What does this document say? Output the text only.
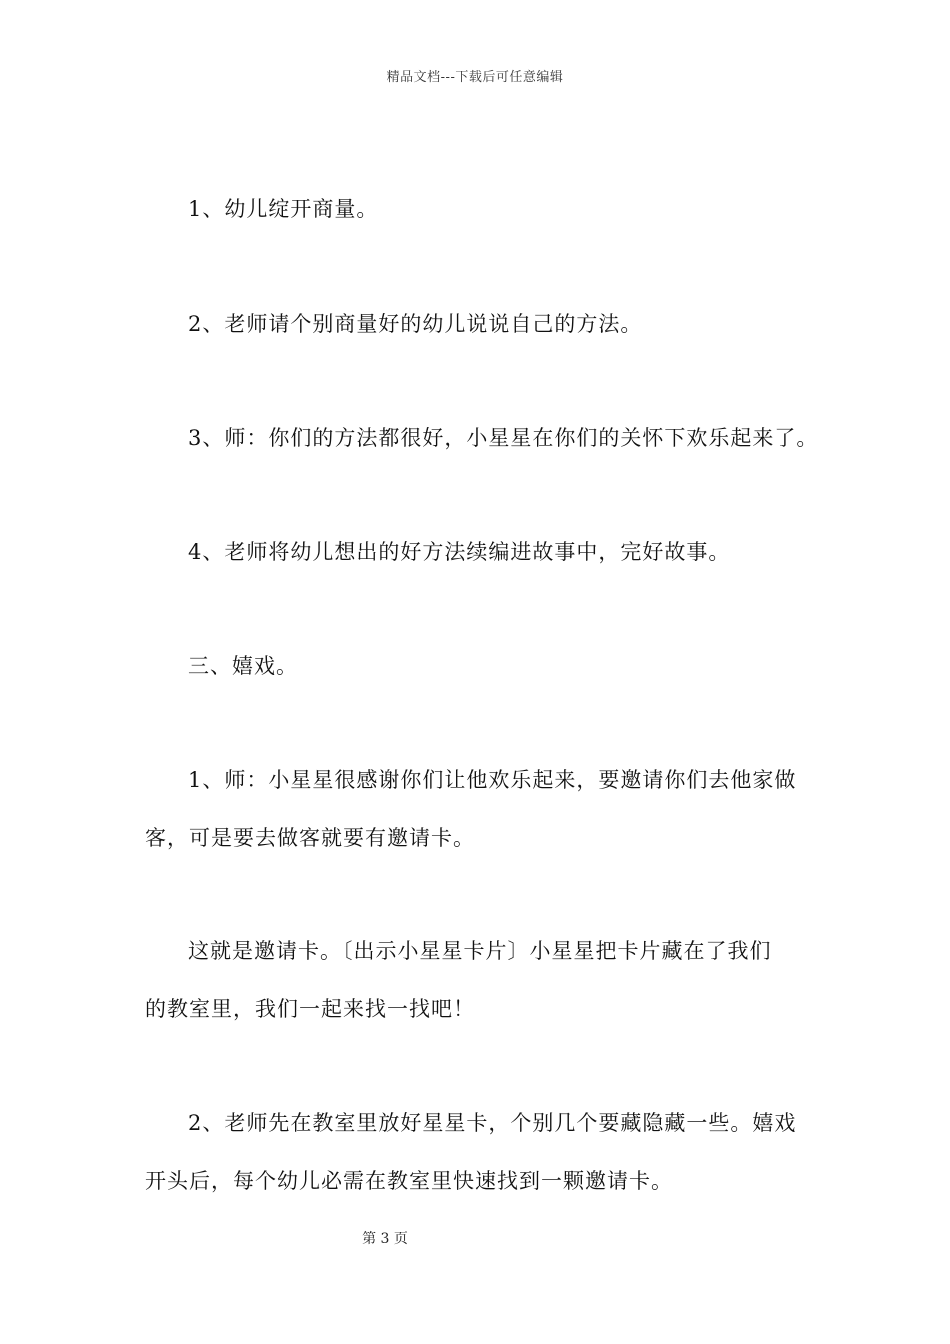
精品文档---下载后可任意编辑
1、幼儿绽开商量。
2、老师请个别商量好的幼儿说说自己的方法。
3、师：你们的方法都很好，小星星在你们的关怀下欢乐起来了。
4、老师将幼儿想出的好方法续编进故事中，完好故事。
三、嬉戏。
1、师：小星星很感谢你们让他欢乐起来，要邀请你们去他家做
客，可是要去做客就要有邀请卡。
这就是邀请卡。〔出示小星星卡片〕小星星把卡片藏在了我们
的教室里，我们一起来找一找吧！
2、老师先在教室里放好星星卡，个别几个要藏隐藏一些。嬉戏
开头后，每个幼儿必需在教室里快速找到一颗邀请卡。
第 3 页
